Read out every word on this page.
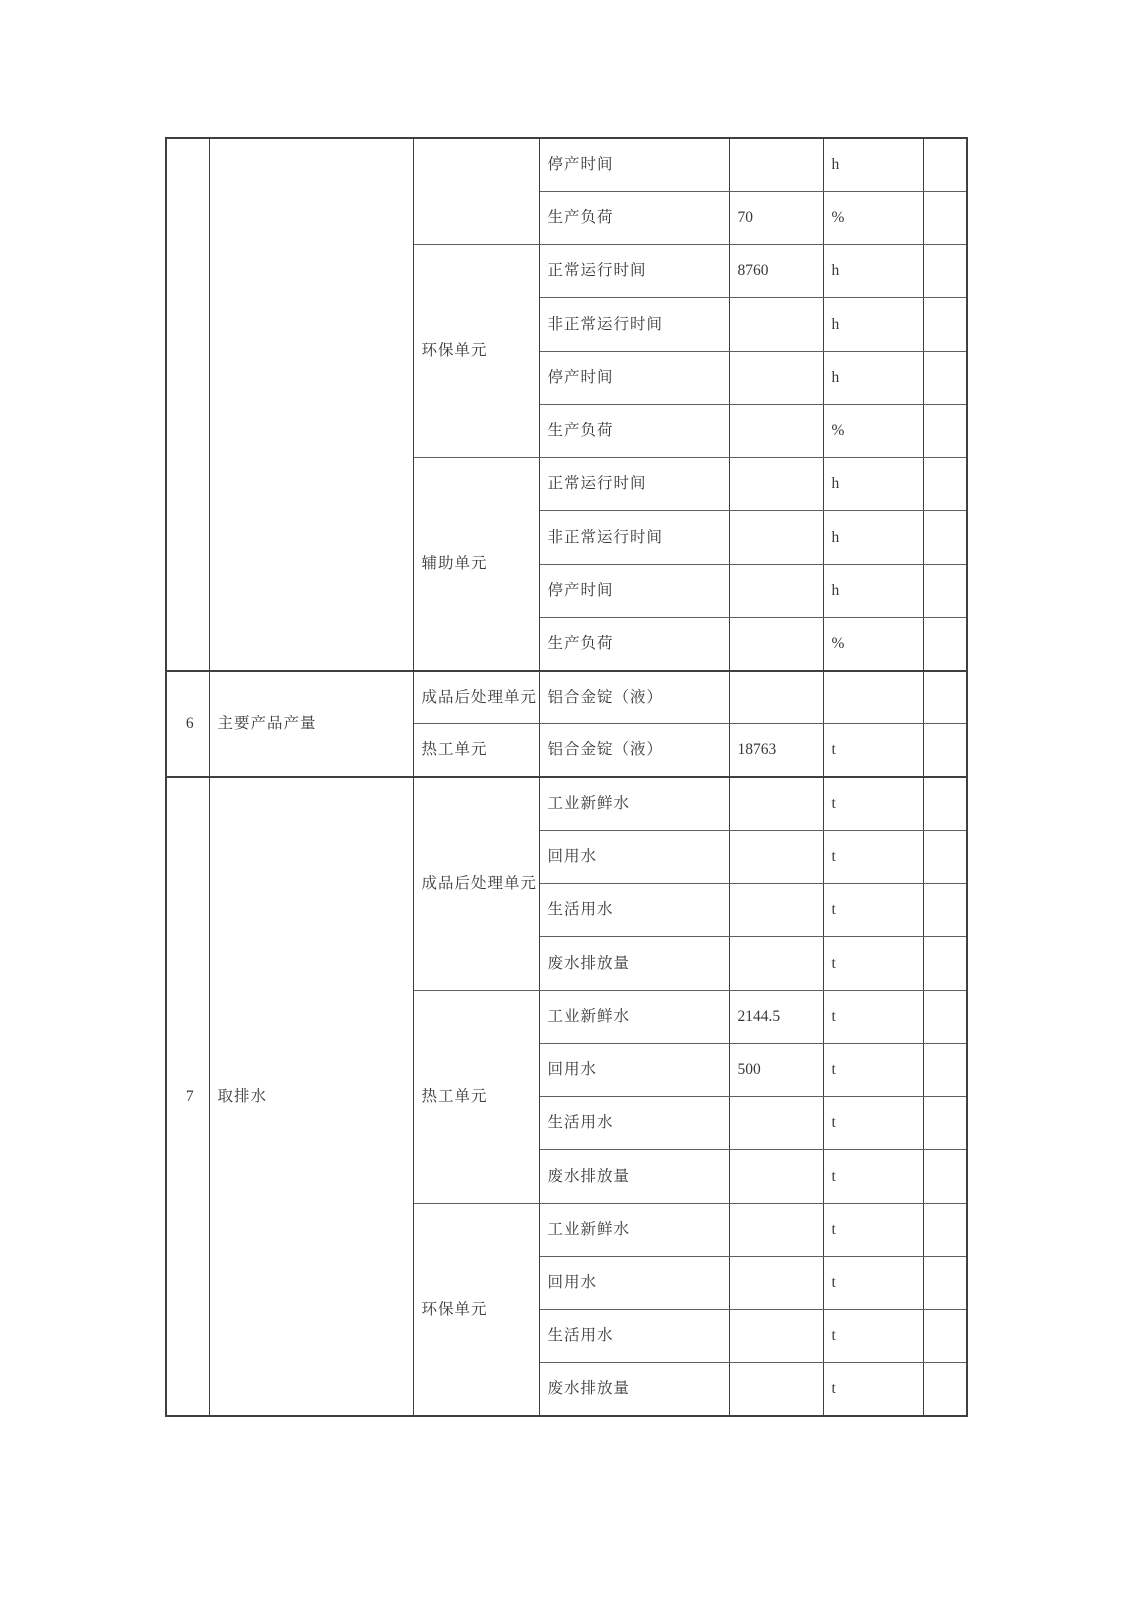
			停产时间		h	
			生产负荷	70	%	
		环保单元	正常运行时间	8760	h	
			非正常运行时间		h	
			停产时间		h	
			生产负荷		%	
		辅助单元	正常运行时间		h	
			非正常运行时间		h	
			停产时间		h	
			生产负荷		%	
6	主要产品产量	成品后处理单元	铝合金锭（液）			
		热工单元	铝合金锭（液）	18763	t	
7	取排水	成品后处理单元	工业新鲜水		t	
			回用水		t	
			生活用水		t	
			废水排放量		t	
		热工单元	工业新鲜水	2144.5	t	
			回用水	500	t	
			生活用水		t	
			废水排放量		t	
		环保单元	工业新鲜水		t	
			回用水		t	
			生活用水		t	
			废水排放量		t	
